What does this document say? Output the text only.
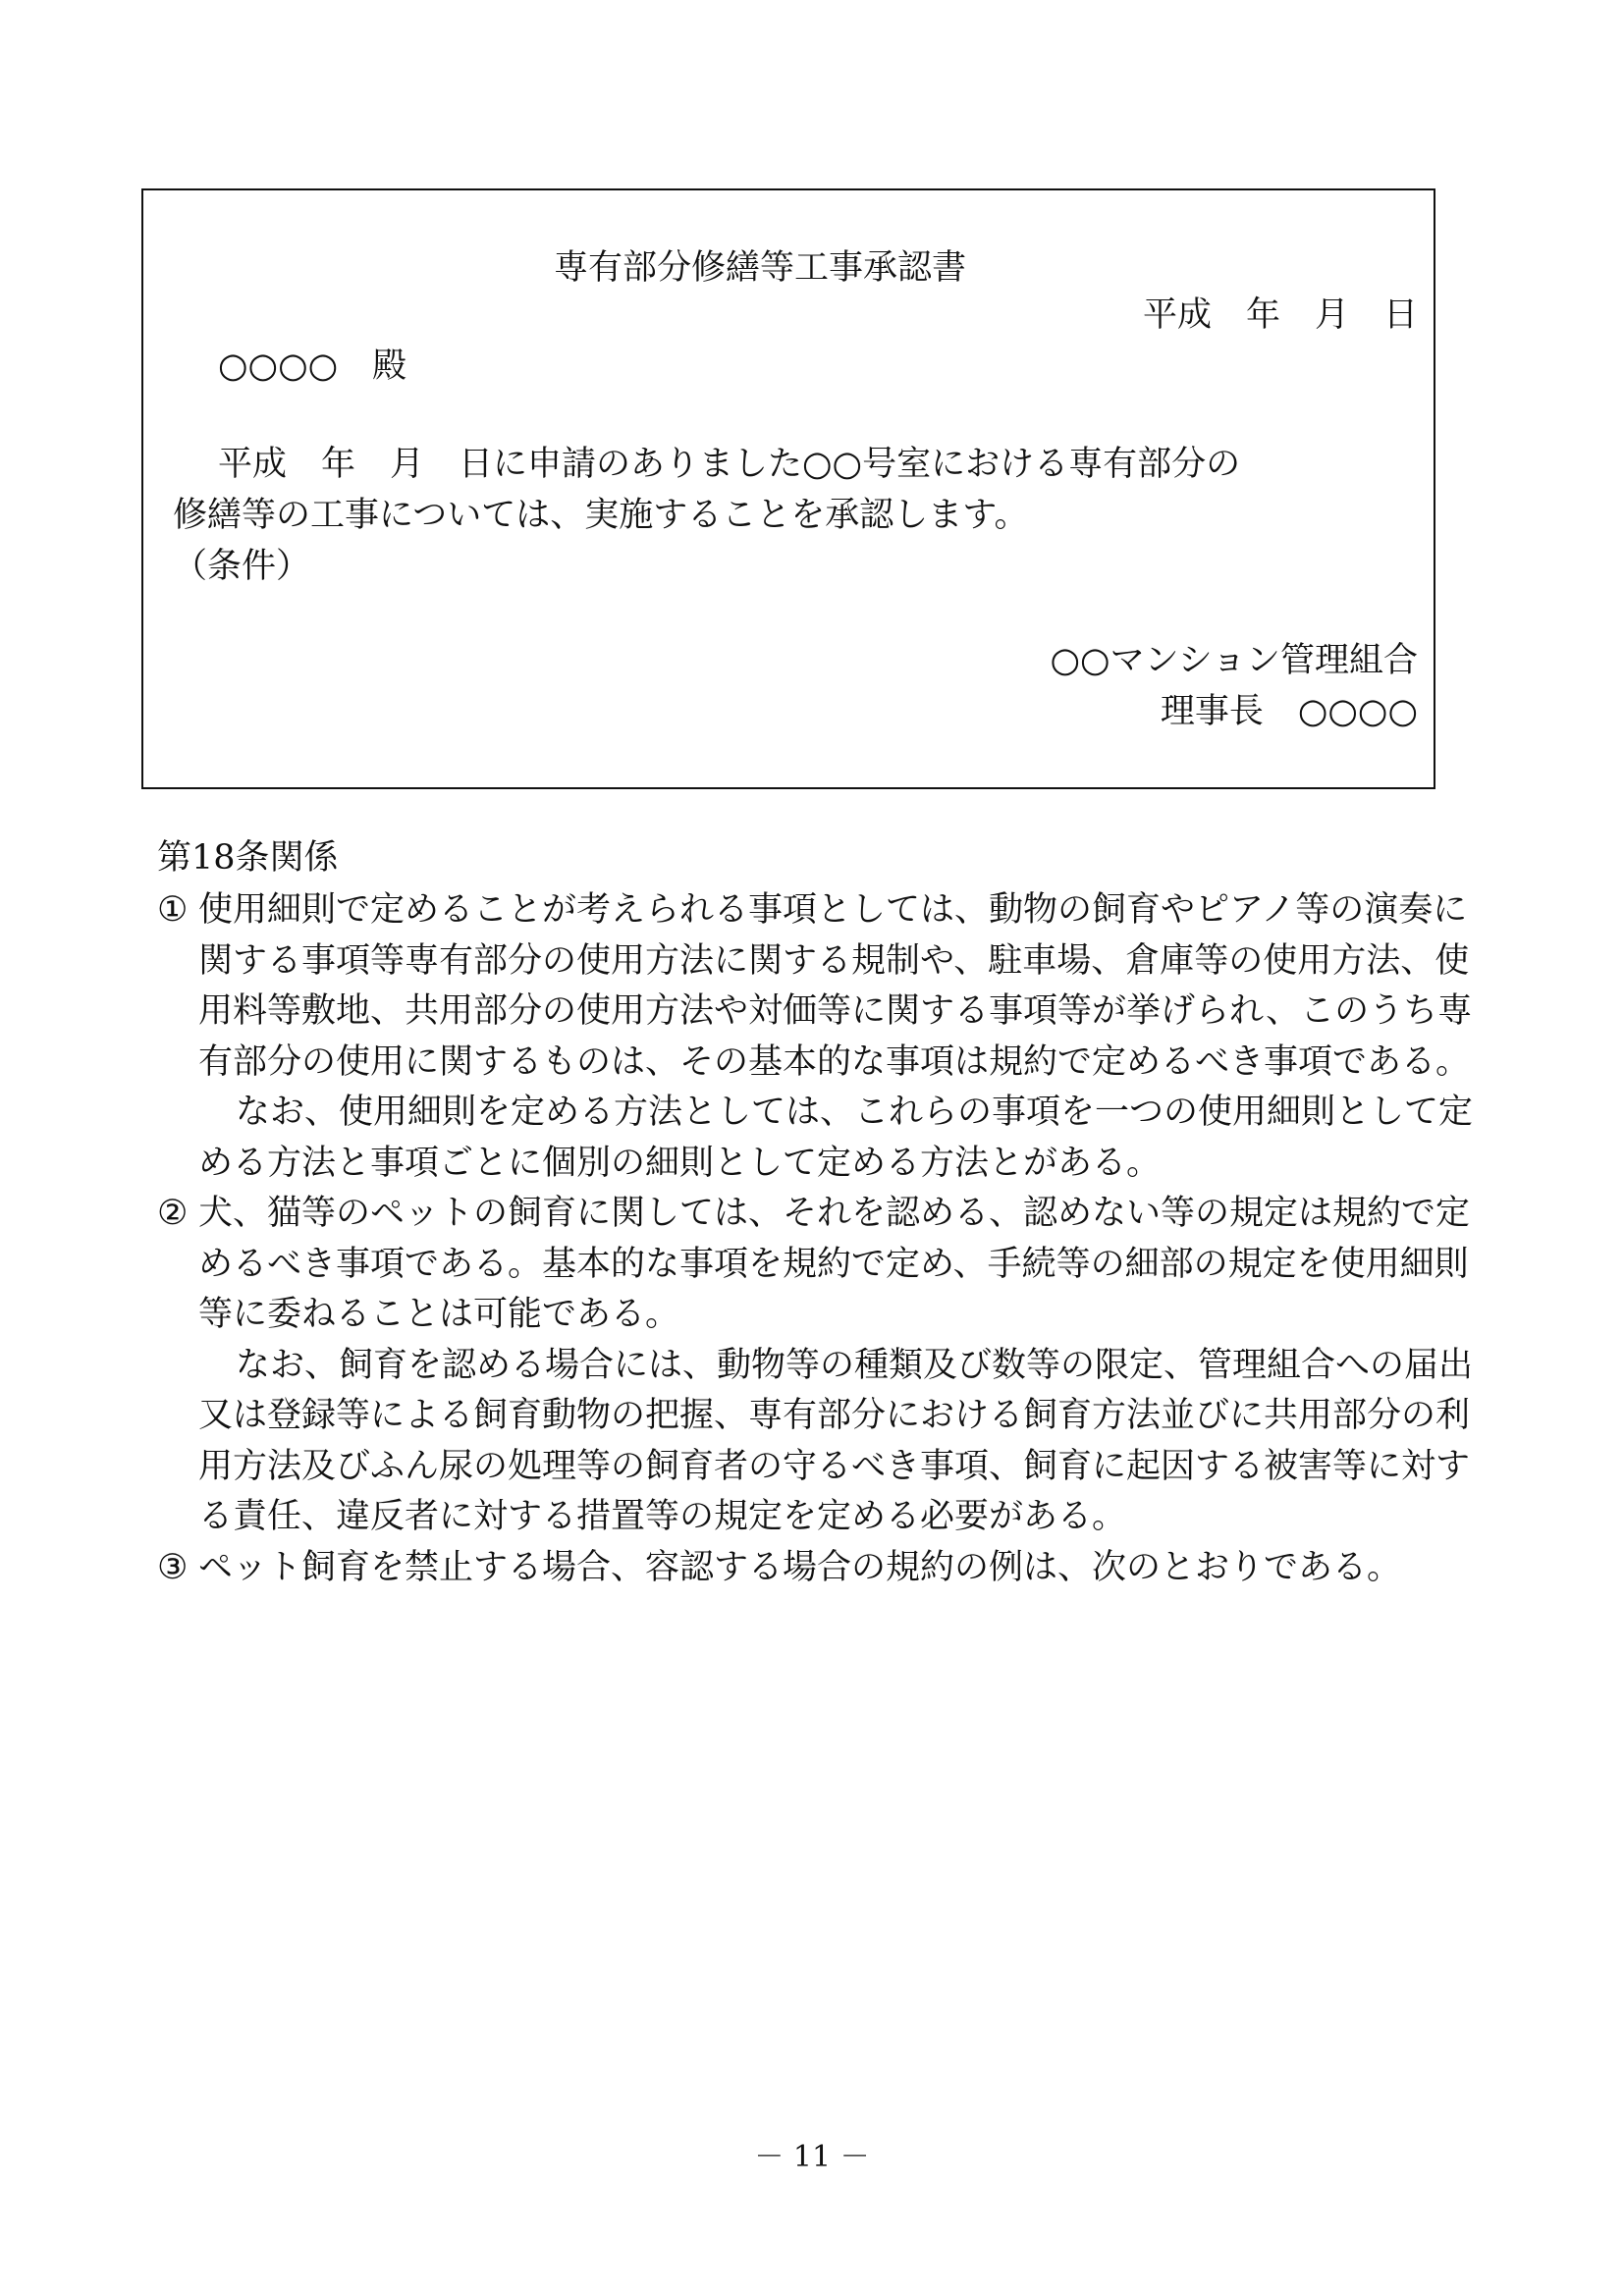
専有部分修繕等工事承認書
平成　年　月　日
○○○○　殿
平成　年　月　日に申請のありました○○号室における専有部分の
修繕等の工事については、実施することを承認します。
（条件）
○○マンション管理組合
理事長　○○○○
第18条関係

① 使用細則で定めることが考えられる事項としては、動物の飼育やピアノ等の演奏に関する事項等専有部分の使用方法に関する規制や、駐車場、倉庫等の使用方法、使用料等敷地、共用部分の使用方法や対価等に関する事項等が挙げられ、このうち専有部分の使用に関するものは、その基本的な事項は規約で定めるべき事項である。

なお、使用細則を定める方法としては、これらの事項を一つの使用細則として定める方法と事項ごとに個別の細則として定める方法とがある。

② 犬、猫等のペットの飼育に関しては、それを認める、認めない等の規定は規約で定めるべき事項である。基本的な事項を規約で定め、手続等の細部の規定を使用細則等に委ねることは可能である。

なお、飼育を認める場合には、動物等の種類及び数等の限定、管理組合への届出又は登録等による飼育動物の把握、専有部分における飼育方法並びに共用部分の利用方法及びふん尿の処理等の飼育者の守るべき事項、飼育に起因する被害等に対する責任、違反者に対する措置等の規定を定める必要がある。

③ ペット飼育を禁止する場合、容認する場合の規約の例は、次のとおりである。

－ 11 －
